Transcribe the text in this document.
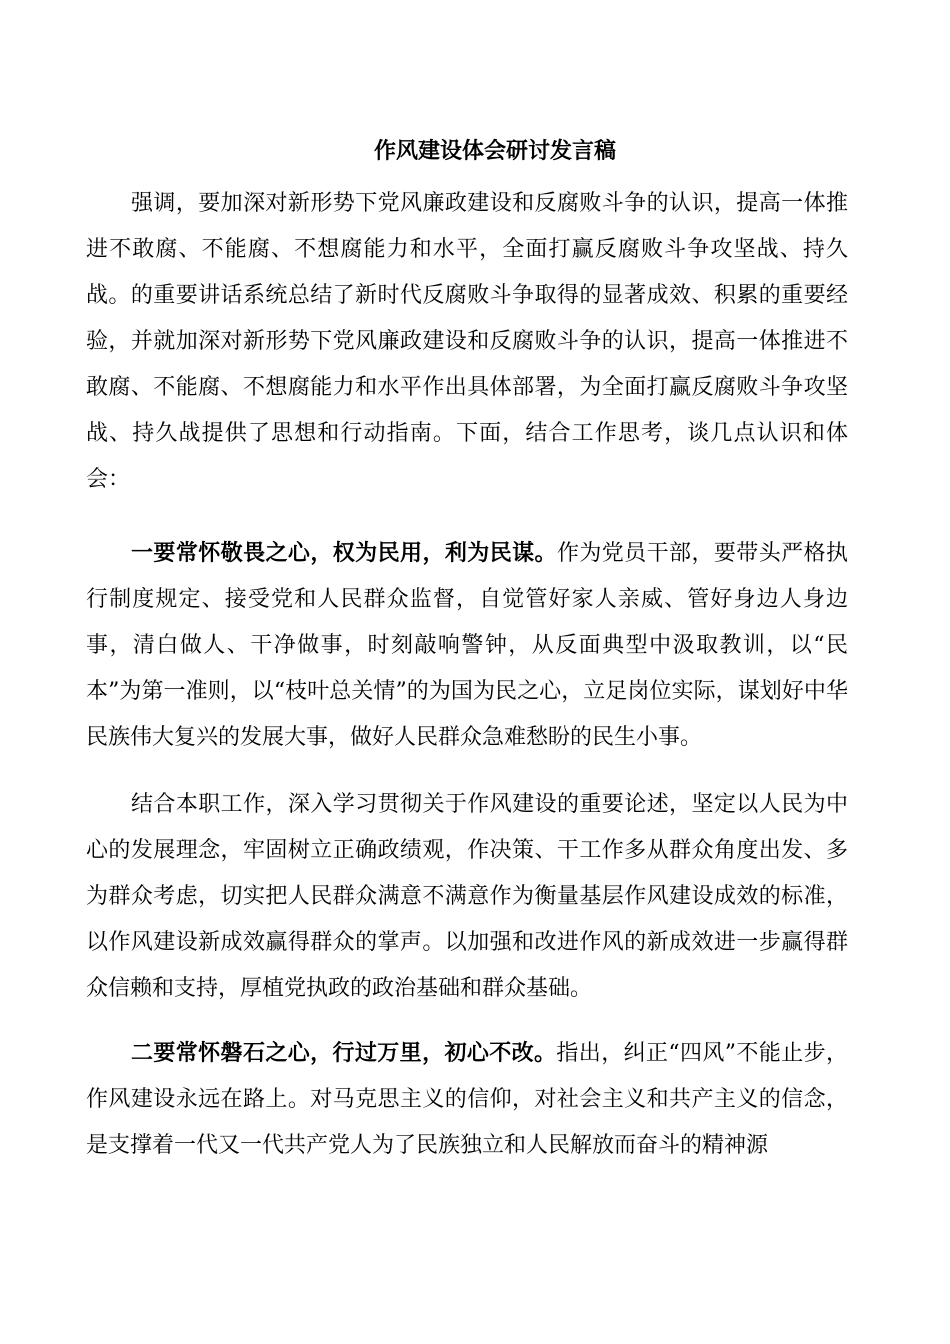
作风建设体会研讨发言稿

强调，要加深对新形势下党风廉政建设和反腐败斗争的认识，提高一体推进不敢腐、不能腐、不想腐能力和水平，全面打赢反腐败斗争攻坚战、持久战。的重要讲话系统总结了新时代反腐败斗争取得的显著成效、积累的重要经验，并就加深对新形势下党风廉政建设和反腐败斗争的认识，提高一体推进不敢腐、不能腐、不想腐能力和水平作出具体部署，为全面打赢反腐败斗争攻坚战、持久战提供了思想和行动指南。下面，结合工作思考，谈几点认识和体会：

一要常怀敬畏之心，权为民用，利为民谋。作为党员干部，要带头严格执行制度规定、接受党和人民群众监督，自觉管好家人亲威、管好身边人身边事，清白做人、干净做事，时刻敲响警钟，从反面典型中汲取教训，以“民本”为第一准则，以“枝叶总关情”的为国为民之心，立足岗位实际，谋划好中华民族伟大复兴的发展大事，做好人民群众急难愁盼的民生小事。

结合本职工作，深入学习贯彻关于作风建设的重要论述，坚定以人民为中心的发展理念，牢固树立正确政绩观，作决策、干工作多从群众角度出发、多为群众考虑，切实把人民群众满意不满意作为衡量基层作风建设成效的标准，以作风建设新成效赢得群众的掌声。以加强和改进作风的新成效进一步赢得群众信赖和支持，厚植党执政的政治基础和群众基础。

二要常怀磐石之心，行过万里，初心不改。指出，纠正“四风”不能止步，作风建设永远在路上。对马克思主义的信仰，对社会主义和共产主义的信念，是支撑着一代又一代共产党人为了民族独立和人民解放而奋斗的精神源
